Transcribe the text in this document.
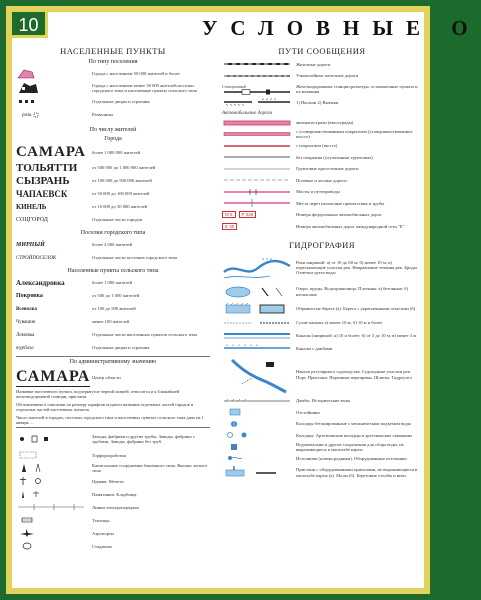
10	УСЛОВНЫЕ О
НАСЕЛЕННЫЕ ПУНКТЫ
По типу поселения
Города с населением 50 000 жителей и более
Города с населением менее 50 000 жителей,поселки городского типа и населенные пункты сельского типа
Отдельные дворы и строения
разв.	Развалины
По числу жителей
Города
САМАРА более 1 000 000 жителей
ТОЛЬЯТТИ	от 500 000 до 1 000 000 жителей
СЫЗРАНЬ	от 100 000 до 500 000 жителей
ЧАПАЕВСК	от 50 000 до 100 000 жителей
КИНЕЛЬ	от 10 000 до 50 000 жителей
СОЦГОРОД	Отдельные части городов
Поселки городского типа
МИРНЫЙ	более 2 000 жителей
СТРОЙПОСЕЛОК	Отдельные части поселков городского типа
Населенные пункты сельского типа
Александровка	более 1 000 жителей
Покровка	от 500 до 1 000 жителей
Всеволка	от 100 до 500 жителей
Чувашин	менее 100 жителей
Ломовка	Отдельные части населенных пунктов сельского типа
турбаза	Отдельные дворы и строения
По административному значению
САМАРА Центр области
Название населенного пункта, подчеркнутое черной линией, относится и к ближайшей железнодорожной станции, пристани.
Обозначенные в описании по размеру шрифтов подписи названия отдельных частей городов и отдельных частей населенных пунктов.
Число жителей в городах, поселках городского типа и населенных пунктах сельского типа дано на 1 января ...
Заводы, фабрики и другие трубы. Заводы, фабрики с трубами. Заводы, фабрики без труб.
Торфоразработки
Капитальные сооружения башенного типа. Вышки легкого типа
Церкви. Мечети
Памятники. Кладбища
Линии электропередачи
Теплицы
Аэропорты
Стадионы
ПУТИ СООБЩЕНИЯ
Железные дороги
Узкоколейные железные дороги
Станционный	Железнодорожные станции,разъезды, остановочные пункты и их названия
1) Насыпи 2) Выемки
Автомобильные дороги
автомагистрали (автострады)
с усовершенствованным покрытием (усовершенствованное шоссе)
с покрытием (шоссе)
без покрытия (улучшенные грунтовые)
Грунтовые проселочные дороги
Полевые и лесные дороги
Мосты и путепроводы
Места через неопасные препятствия и трубы
М 5	Р 226	Номера федеральных автомобильных дорог
Е 30	Номера автомобильных дорог международной сети "Е"
ГИДРОГРАФИЯ
Реки шириной: а) от 10 до 60 м; б) менее 10 м; в) пересыхающие участки рек. Направление течения рек. Броды. Отметки уреза воды
Озера, пруды. Водохранилища. Плотины: а) бетонные; б) неопасные
Обрывистые берега (а). Берега с укрепленными откосами (б)
Сухие каналы а) менее 10 м; б) 10 м и более
Каналы (шириной: а) 10 и более; б) от 3 до 10 м; в) менее 3 м
Каналы с дамбами
Начало регулярного судоходства. Судоходные участки рек. Порт. Пристани. Паромные переправы. Шлюзы. Гидроузел
Дамбы. Исторические валы
Отстойники
Колодцы бетонированные с механическим подъемом воды
Колодцы. Артезианские колодцы и артезианские скважины
Водокачальни и другие сооружения для сбора воды, не выражающиеся в масштабе карты
Источники (ключи,родники). Оборудованные источники
Пристани с оборудованными причалами, не выражающиеся в масштабе карты (а). Молы (б). Береговые столбы и вехи.
